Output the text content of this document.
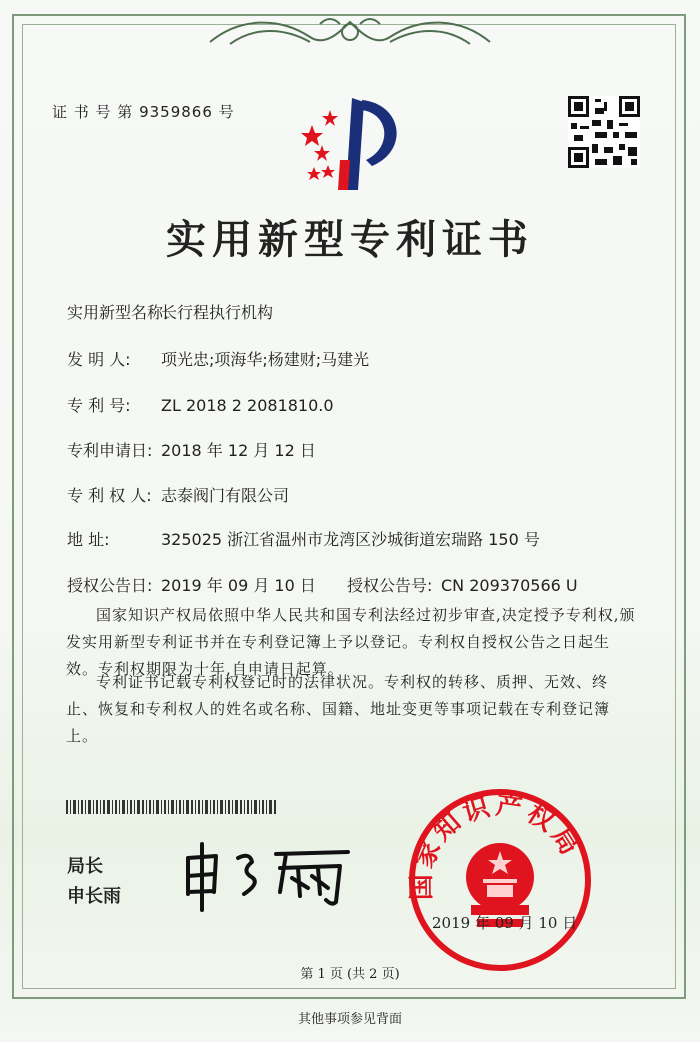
证 书 号 第 9359866 号
实用新型专利证书
实用新型名称:长行程执行机构
发 明 人: 项光忠;项海华;杨建财;马建光
专 利 号: ZL 2018 2 2081810.0
专利申请日: 2018 年 12 月 12 日
专 利 权 人: 志泰阀门有限公司
地 址:	325025 浙江省温州市龙湾区沙城街道宏瑞路 150 号
授权公告日: 2019 年 09 月 10 日 授权公告号: CN 209370566 U
国家知识产权局依照中华人民共和国专利法经过初步审查,决定授予专利权,颁发实用新型专利证书并在专利登记簿上予以登记。专利权自授权公告之日起生效。专利权期限为十年,自申请日起算。
专利证书记载专利权登记时的法律状况。专利权的转移、质押、无效、终止、恢复和专利权人的姓名或名称、国籍、地址变更等事项记载在专利登记簿上。
局长
申长雨	国家知识产权局
2019 年 09 月 10 日
第 1 页 (共 2 页)
其他事项参见背面
